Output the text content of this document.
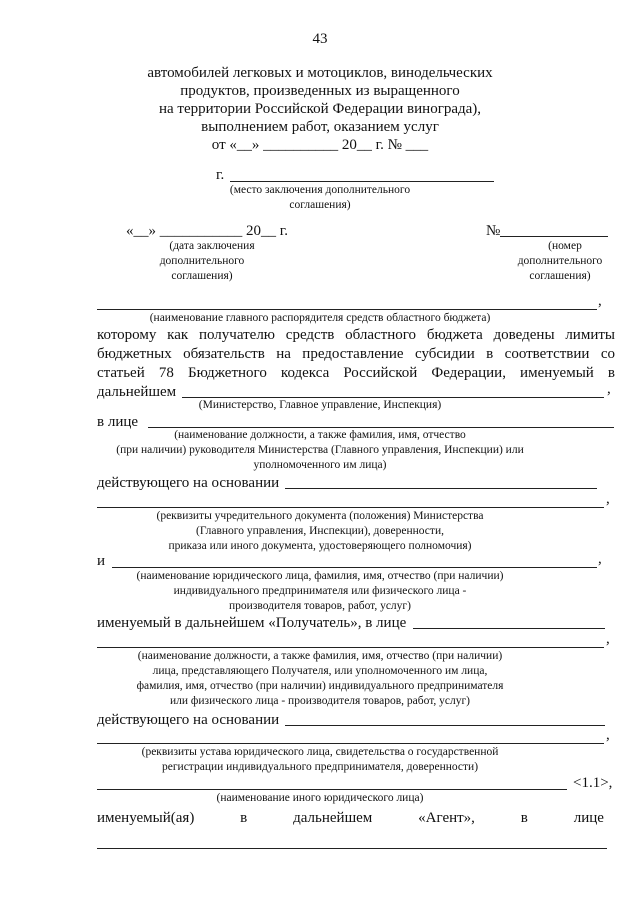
43
автомобилей легковых и мотоциклов, винодельческих
продуктов, произведенных из выращенного
на территории Российской Федерации винограда),
выполнением работ, оказанием услуг
от «__» __________ 20__ г. № ___
г.
(место заключения дополнительного
соглашения)
«__» ___________ 20__ г.
(дата заключения
дополнительного
соглашения)
№
(номер
дополнительного
соглашения)
,
(наименование главного распорядителя средств областного бюджета)
которому как получателю средств областного бюджета доведены лимиты
бюджетных обязательств на предоставление субсидии в соответствии со
статьей 78 Бюджетного кодекса Российской Федерации, именуемый в
дальнейшем	,
(Министерство, Главное управление, Инспекция)
в лице
(наименование должности, а также фамилия, имя, отчество
(при наличии) руководителя Министерства (Главного управления, Инспекции) или
уполномоченного им лица)
действующего на основании
,
(реквизиты учредительного документа (положения) Министерства
(Главного управления, Инспекции), доверенности,
приказа или иного документа, удостоверяющего полномочия)
и	,
(наименование юридического лица, фамилия, имя, отчество (при наличии)
индивидуального предпринимателя или физического лица -
производителя товаров, работ, услуг)
именуемый в дальнейшем «Получатель», в лице
,
(наименование должности, а также фамилия, имя, отчество (при наличии)
лица, представляющего Получателя, или уполномоченного им лица,
фамилия, имя, отчество (при наличии) индивидуального предпринимателя
или физического лица - производителя товаров, работ, услуг)
действующего на основании
,
(реквизиты устава юридического лица, свидетельства о государственной
регистрации индивидуального предпринимателя, доверенности)
<1.1>,
(наименование иного юридического лица)
именуемый(ая)	в	дальнейшем	«Агент»,	в	лице
